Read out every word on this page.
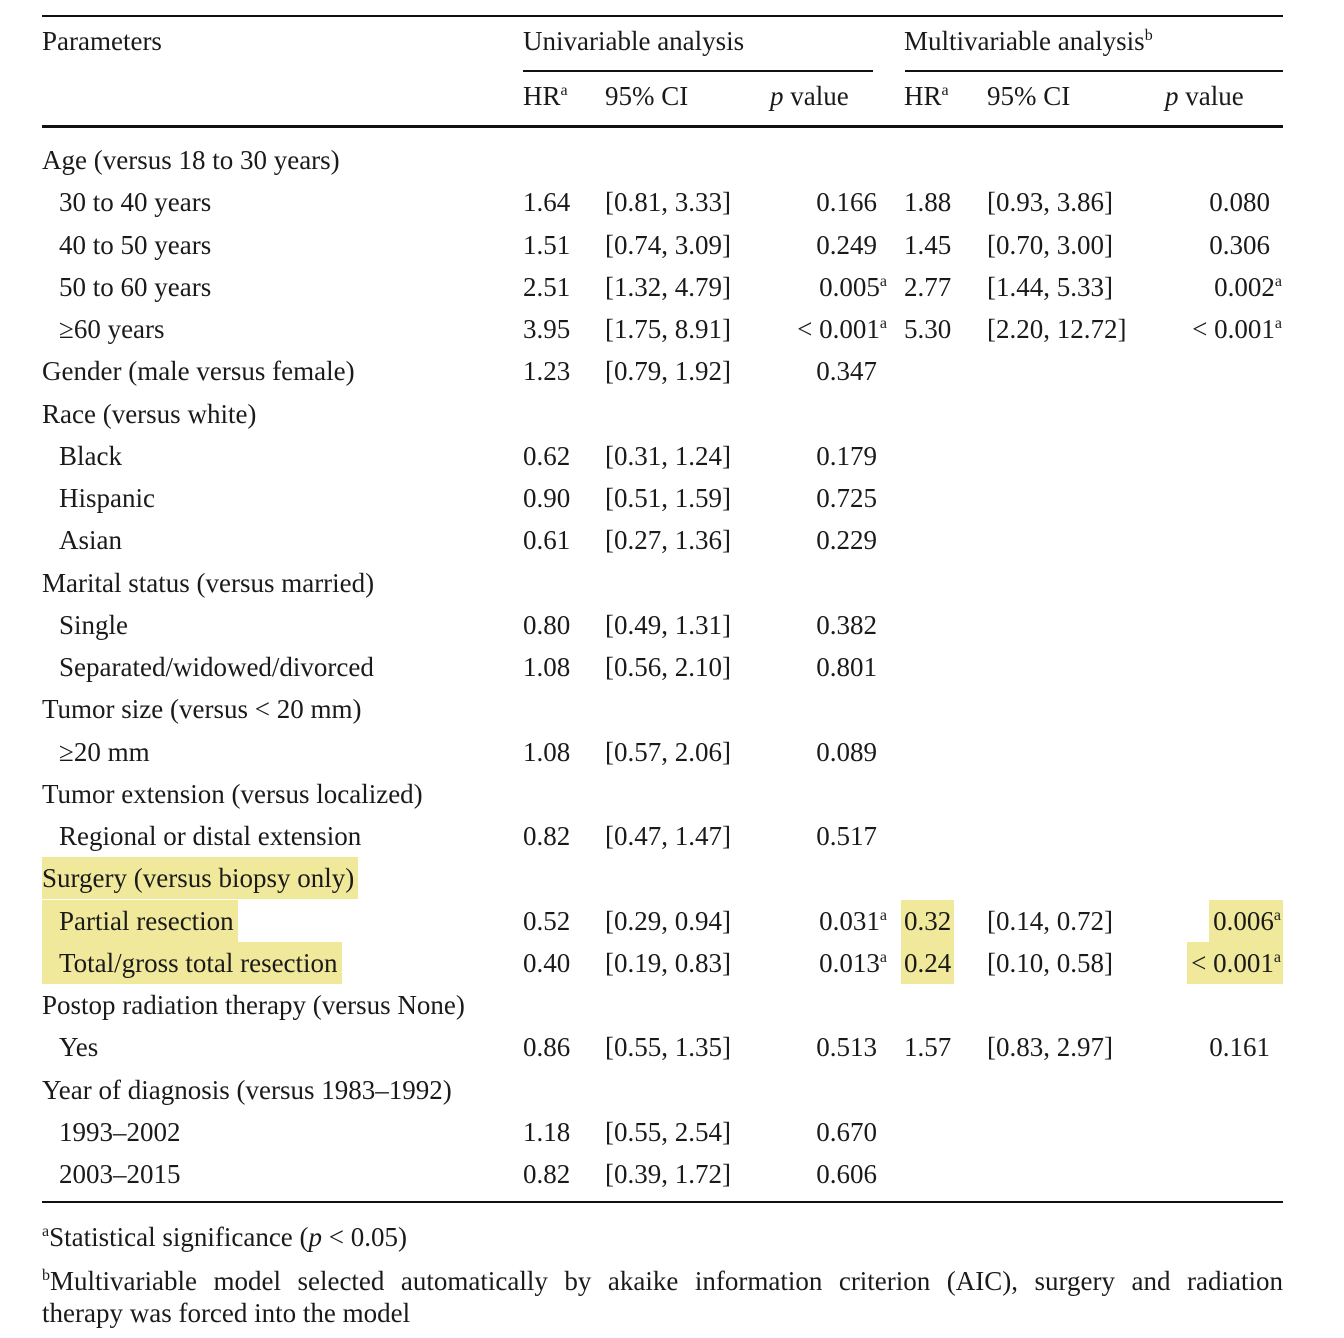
Parameters	Univariable analysis	Multivariable analysis$^b$
$HR^a$ 95% CI	p value $HR^a$ 95% CI	p value
Age (versus 18 to 30 years)
30 to 40 years	1.64 [0.81, 3.33]	0.166 1.88 [0.93, 3.86]	0.080
40 to 50 years	1.51 [0.74, 3.09]	0.249 1.45 [0.70, 3.00]	0.306
50 to 60 years	2.51 [1.32, 4.79]	0.005$^a$ 2.77 [1.44, 5.33]	0.002$^a$
≥60 years	3.95 [1.75, 8.91] < 0.001$^a$ 5.30 [2.20, 12.72] < 0.001$^a$
Gender (male versus female)	1.23 [0.79, 1.92]	0.347
Race (versus white)
Black	0.62 [0.31, 1.24]	0.179
Hispanic	0.90 [0.51, 1.59]	0.725
Asian	0.61 [0.27, 1.36]	0.229
Marital status (versus married)
Single	0.80 [0.49, 1.31]	0.382
Separated/widowed/divorced	1.08 [0.56, 2.10]	0.801
Tumor size (versus < 20 mm)
≥20 mm	1.08 [0.57, 2.06]	0.089
Tumor extension (versus localized)
Regional or distal extension	0.82 [0.47, 1.47]	0.517
Surgery (versus biopsy only)
Partial resection	0.52 [0.29, 0.94]	0.031$^a$ 0.32 [0.14, 0.72]	0.006$^a$
Total/gross total resection	0.40 [0.19, 0.83]	0.013$^a$ 0.24 [0.10, 0.58]	< 0.001$^a$
Postop radiation therapy (versus None)
Yes	0.86 [0.55, 1.35]	0.513 1.57 [0.83, 2.97]	0.161
Year of diagnosis (versus 1983–1992)
1993–2002	1.18 [0.55, 2.54]	0.670
2003–2015	0.82 [0.39, 1.72]	0.606
$^a$Statistical significance (p < 0.05)
$^b$Multivariable model selected automatically by akaike information criterion (AIC), surgery and radiation
therapy was forced into the model
